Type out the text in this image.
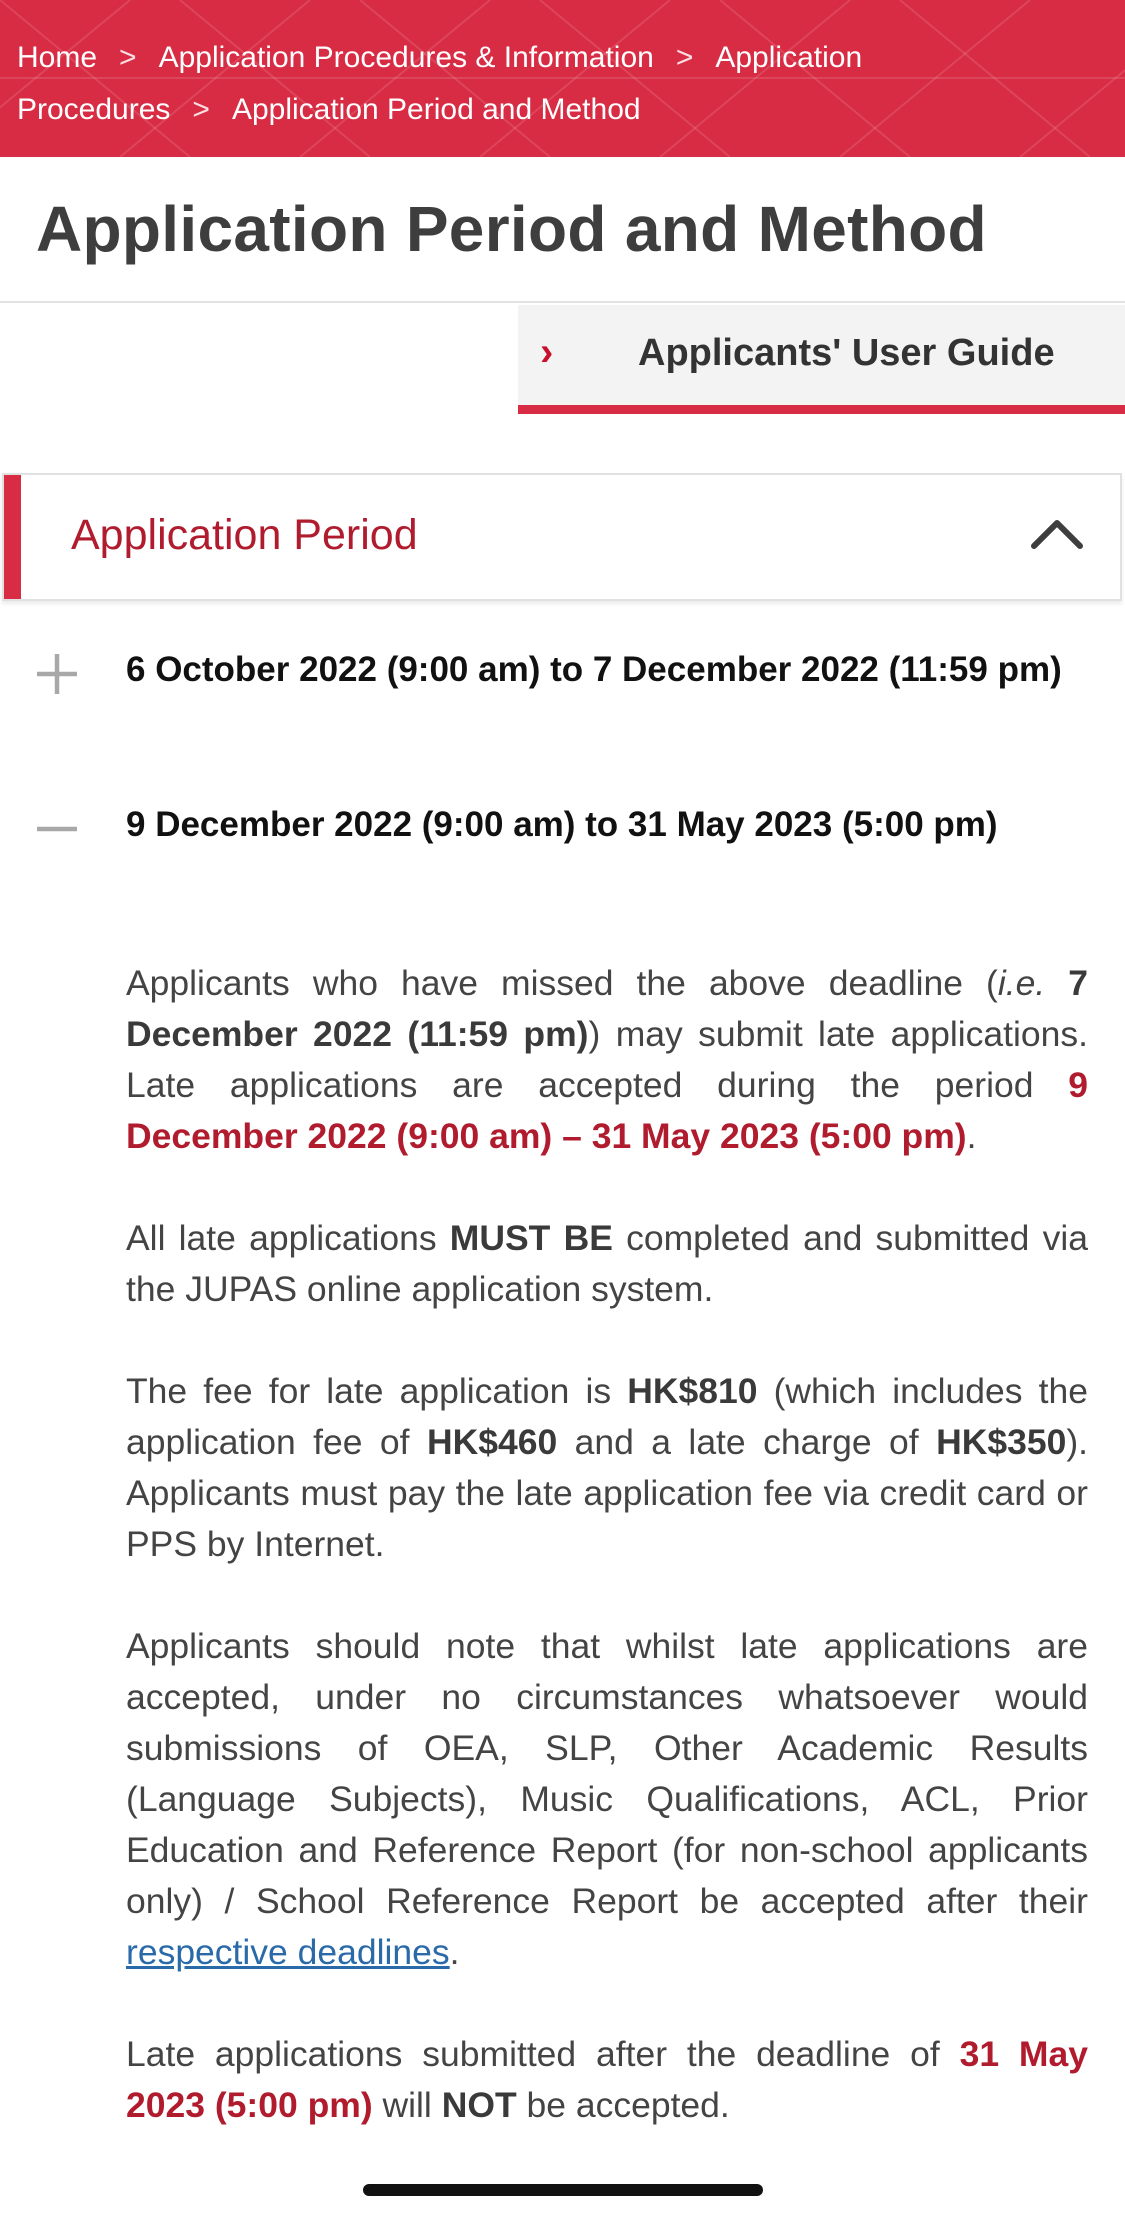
Home > Application Procedures & Information > Application Procedures > Application Period and Method
Application Period and Method
› Applicants' User Guide
Application Period
6 October 2022 (9:00 am) to 7 December 2022 (11:59 pm)
9 December 2022 (9:00 am) to 31 May 2023 (5:00 pm)

Applicants who have missed the above deadline (i.e. 7 December 2022 (11:59 pm)) may submit late applications. Late applications are accepted during the period 9 December 2022 (9:00 am) – 31 May 2023 (5:00 pm).

All late applications MUST BE completed and submitted via the JUPAS online application system.

The fee for late application is HK$810 (which includes the application fee of HK$460 and a late charge of HK$350). Applicants must pay the late application fee via credit card or PPS by Internet.

Applicants should note that whilst late applications are accepted, under no circumstances whatsoever would submissions of OEA, SLP, Other Academic Results (Language Subjects), Music Qualifications, ACL, Prior Education and Reference Report (for non-school applicants only) / School Reference Report be accepted after their respective deadlines.

Late applications submitted after the deadline of 31 May 2023 (5:00 pm) will NOT be accepted.
